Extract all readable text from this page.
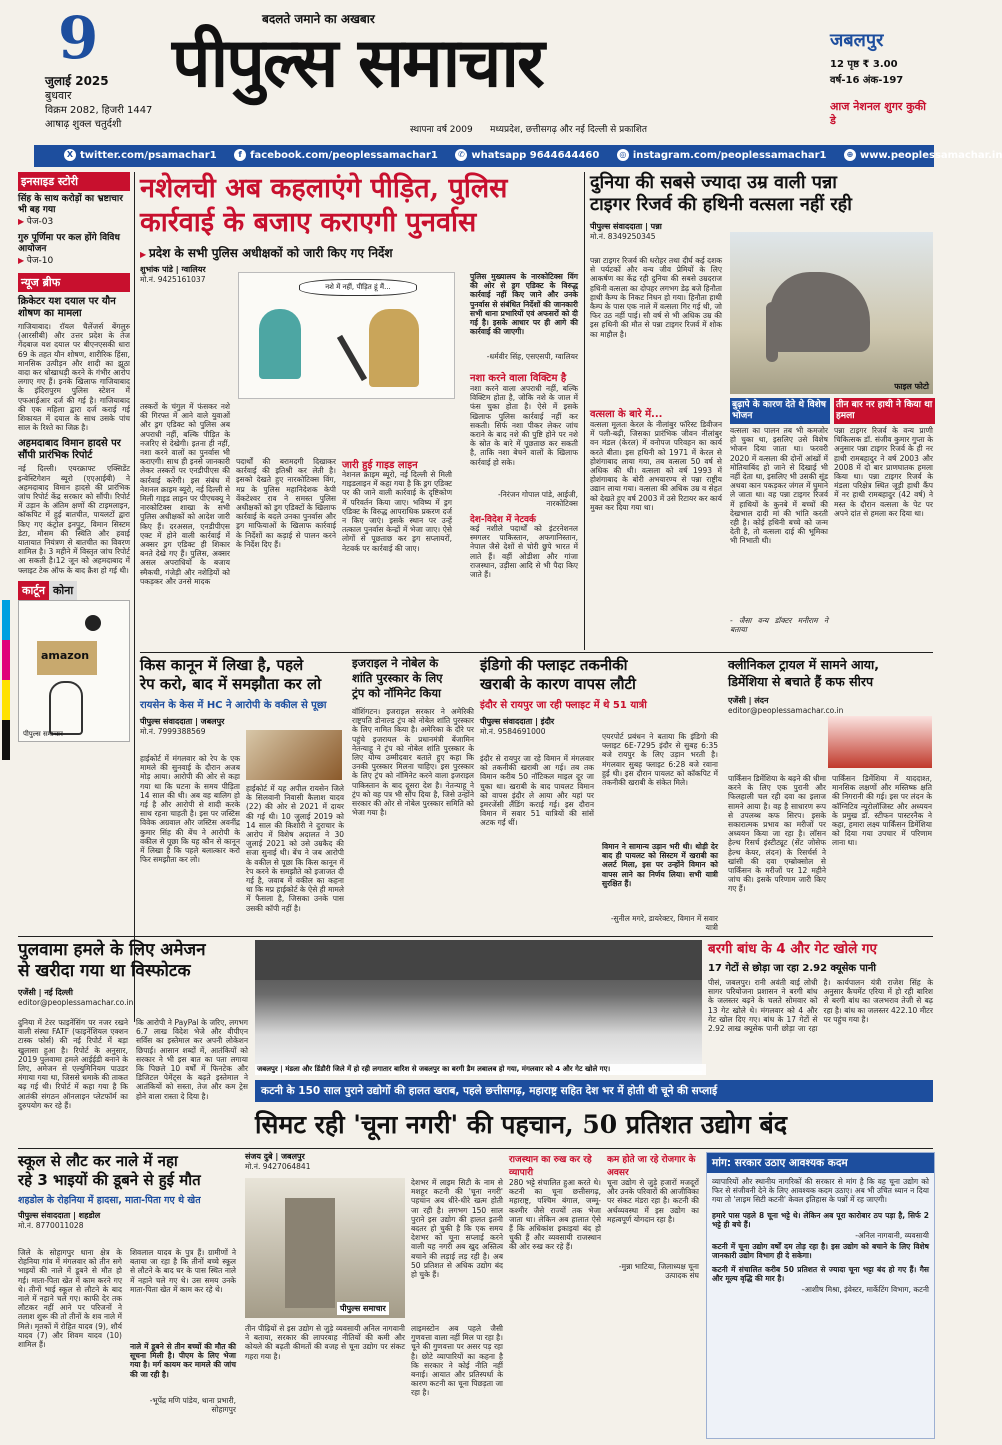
9
जुलाई 2025
बुधवार
विक्रम 2082, हिजरी 1447
आषाढ़ शुक्ल चतुर्दशी
बदलते जमाने का अखबार
पीपुल्स समाचार
स्थापना वर्ष 2009 मध्यप्रदेश, छत्तीसगढ़ और नई दिल्ली से प्रकाशित
जबलपुर
12 पृष्ठ ₹ 3.00
वर्ष-16 अंक-197
आज नेशनल शुगर कुकी डे
X twitter.com/psamachar1	f facebook.com/peoplessamachar1	✆ whatsapp 9644644460 ◎ instagram.com/peoplessamachar1	⊕ www.peoplessamachar.in
इनसाइड स्टोरी
सिंह के साथ करोड़ों का भ्रष्टाचार भी बह गया
▶ पेज-03
गुरु पूर्णिमा पर कल होंगे विविध आयोजन
▶ पेज-10
न्यूज ब्रीफ
क्रिकेटर यश दयाल पर यौन शोषण का मामला
गाजियाबाद। रॉयल चैलेंजर्स बेंगलुरु (आरसीबी) और उत्तर प्रदेश के तेज गेंदबाज यश दयाल पर बीएनएसकी धारा 69 के तहत यौन शोषण, शारीरिक हिंसा, मानसिक उत्पीड़न और शादी का झूठा वादा कर धोखाधड़ी करने के गंभीर आरोप लगाए गए हैं। इनके खिलाफ गाजियाबाद के इंदिरापुरम पुलिस स्टेशन में एफआईआर दर्ज की गई है। गाजियाबाद की एक महिला द्वारा दर्ज कराई गई शिकायत में दयाल के साथ उसके पांच साल के रिश्ते का जिक्र है।
अहमदाबाद विमान हादसे पर सौंपी प्रारंभिक रिपोर्ट
नई दिल्ली। एयरक्राफ्ट एक्सिडेंट इन्वेस्टिगेशन ब्यूरो (एएआईबी) ने अहमदाबाद विमान हादसे की प्रारंभिक जांच रिपोर्ट केंद्र सरकार को सौंपी। रिपोर्ट में उड़ान के अंतिम क्षणों की टाइमलाइन, कॉकपिट में हुई बातचीत, पायलटों द्वारा किए गए कंट्रोल इनपुट, विमान सिस्टम डेटा, मौसम की स्थिति और हवाई यातायात नियंत्रण से बातचीत का विवरण शामिल है। 3 महीने में विस्तृत जांच रिपोर्ट आ सकती है।12 जून को अहमदाबाद में फ्लाइट टेक ऑफ के बाद क्रैश हो गई थी।
कार्टून कोना
amazon
पीपुल्स समाचार
नशेलची अब कहलाएंगे पीड़ित, पुलिस
कार्रवाई के बजाए कराएगी पुनर्वास
▶ प्रदेश के सभी पुलिस अधीक्षकों को जारी किए गए निर्देश
शुभांक पांडे | ग्वालियर
मो.नं. 9425161037
नशे में नहीं, पीड़ित हूं मैं...
तस्करों के चंगुल में फंसकर नशे की गिरफ्त में आने वाले युवाओं और ड्रग एडिक्ट को पुलिस अब अपराधी नहीं, बल्कि पीड़ित के नजरिए से देखेगी। इतना ही नहीं, नशा करने वालों का पुनर्वास भी कराएगी। साथ ही इनसे जानकारी लेकर तस्करों पर एनडीपीएस की कार्रवाई करेगी। इस संबंध में नेशनल क्राइम ब्यूरो, नई दिल्ली से मिली गाइड लाइन पर पीएचक्यू ने नारकोटिक्स शाखा के सभी पुलिस अधीक्षकों को आदेश जारी किए हैं। दरअसल, एनडीपीएस एक्ट में होने वाली कार्रवाई में अक्सर ड्रग एडिक्ट ही शिकार बनते देखे गए हैं। पुलिस, अक्सर असल अपराधियों के बजाय स्मैकची, गंजेड़ी और नशेड़ियों को पकड़कर और उनसे मादक
पदार्थों की बरामदगी दिखाकर कार्रवाई की इतिश्री कर लेती है। इसको देखते हुए नारकोटिक्स विंग, मप्र के पुलिस महानिदेशक केपी वेंकटेश्वर राव ने समस्त पुलिस अधीक्षकों को ड्रग एडिक्टों के खिलाफ कार्रवाई के बदले उनका पुनर्वास और ड्रग माफियाओं के खिलाफ कार्रवाई के निर्देशों का कड़ाई से पालन करने के निर्देश दिए हैं।
जारी हुई गाइड लाइन
नेशनल क्राइम ब्यूरो, नई दिल्ली से मिली गाइडलाइन में कहा गया है कि ड्रग एडिक्ट पर की जाने वाली कार्रवाई के दृष्टिकोण में परिवर्तन किया जाए। भविष्य में ड्रग एडिक्ट के विरुद्ध आपराधिक प्रकरण दर्ज न किए जाएं। इसके स्थान पर उन्हें तत्काल पुनर्वास केन्द्रों में भेजा जाए। ऐसे लोगों से पूछताछ कर ड्रग सप्लायरों, नेटवर्क पर कार्रवाई की जाए।
पुलिस मुख्यालय के नारकोटिक्स विंग की ओर से ड्रग एडिक्ट के विरुद्ध कार्रवाई नहीं किए जाने और उनके पुनर्वास से संबंधित निर्देशों की जानकारी सभी थाना प्रभारियों एवं अफसरों को दी गई है। इसके आधार पर ही आगे की कार्रवाई की जाएगी।
-धर्मवीर सिंह, एसएसपी, ग्वालियर
नशा करने वाला विक्टिम है
नशा करने वाला अपराधी नहीं, बल्कि विक्टिम होता है, जोकि नशे के जाल में फंस चुका होता है। ऐसे में इसके खिलाफ पुलिस कार्रवाई नहीं कर सकती। सिर्फ नशा पीकर लेकर जांच कराने के बाद नशे की पुष्टि होने पर नशे के स्रोत के बारे में पूछताछ कर सकती है, ताकि नशा बेचने वालों के खिलाफ कार्रवाई हो सके।
-निरंजन गोपाल पांडे, आईजी, नारकोटिक्स
देश-विदेश में नेटवर्क
कई नशीले पदार्थों को इंटरनेशनल स्मगलर पाकिस्तान, अफगानिस्तान, नेपाल जैसे देशों से चोरी छुपे भारत में लाते हैं। वहीं ओडीशा और गांजा राजस्थान, उड़ीसा आदि से भी पैदा किए जाते हैं।
दुनिया की सबसे ज्यादा उम्र वाली पन्ना
टाइगर रिजर्व की हथिनी वत्सला नहीं रही
पीपुल्स संवाददाता | पन्ना
मो.नं. 8349250345
पन्ना टाइगर रिजर्व की धरोहर तथा दीर्घ कई दशक से पर्यटकों और वन्य जीव प्रेमियों के लिए आकर्षण का केंद्र रही दुनिया की सबसे उम्रदराज हथिनी वत्सला का दोपहर लगभग डेढ़ बजे हिनौता हाथी कैम्प के निकट निधन हो गया। हिनौता हाथी कैम्प के पास एक नाले में वत्सला गिर गई थी, जो फिर उठ नहीं पाई। सौ वर्ष से भी अधिक उम्र की इस हथिनी की मौत से पन्ना टाइगर रिजर्व में शोक का माहौल है।
वत्सला के बारे में...
वत्सला मूलतः केरल के नीलांबुर फॉरेस्ट डिवीजन में पली-बढ़ी, जिसका प्रारंभिक जीवन नीलांबुर वन मंडल (केरल) में वनोपज परिवहन का कार्य करते बीता। इस हथिनी को 1971 में केरल से होशंगाबाद लाया गया, तब वत्सला 50 वर्ष से अधिक की थी। वत्सला को वर्ष 1993 में होशंगाबाद के बोरी अभयारण्य से पन्ना राष्ट्रीय उद्यान लाया गया। वत्सला की अधिक उम्र व सेहत को देखते हुए वर्ष 2003 में उसे रिटायर कर कार्य मुक्त कर दिया गया था।
फाइल फोटो
बुढ़ापे के कारण देते थे विशेष भोजन
वत्सला का पालन तब भी कमजोर हो चुका था, इसलिए उसे विशेष भोजन दिया जाता था। फरवरी 2020 में वत्सला की दोनों आंखों में मोतियाबिंद हो जाने से दिखाई भी नहीं देता था, इसलिए भी उसकी सूंड अथवा कान पकड़कर जंगल में घुमाने ले जाता था। वह पन्ना टाइगर रिजर्व में हाथियों के कुनबे में बच्चों की देखभाल दादी मां की भांति करती रही है। कोई हथिनी बच्चे को जन्म देती है, तो वत्सला दाई की भूमिका भी निभाती थी।
- जैसा वन्य डॉक्टर मनीराम ने बताया
तीन बार नर हाथी ने किया था हमला
पन्ना टाइगर रिजर्व के वन्य प्राणी चिकित्सक डॉ. संजीव कुमार गुप्ता के अनुसार पन्ना टाइगर रिजर्व के ही नर हाथी रामबहादुर ने वर्ष 2003 और 2008 में दो बार प्राणघातक हमला किया था। पन्ना टाइगर रिजर्व के मंडला परिक्षेत्र स्थित जूड़ी हाथी कैंप में नर हाथी रामबहादुर (42 वर्ष) ने मस्त के दौरान वत्सला के पेट पर अपने दांत से हमला कर दिया था।
किस कानून में लिखा है, पहले
रेप करो, बाद में समझौता कर लो
रायसेन के केस में HC ने आरोपी के वकील से पूछा
पीपुल्स संवाददाता | जबलपुर
मो.नं. 7999388569
हाईकोर्ट में मंगलवार को रेप के एक मामले की सुनवाई के दौरान अजब मोड़ आया। आरोपी की ओर से कहा गया था कि घटना के समय पीड़िता 14 साल की थी। अब वह बालिग हो गई है और आरोपी से शादी करके साथ रहना चाहती है। इस पर जस्टिस विवेक अग्रवाल और जस्टिस अवनींद्र कुमार सिंह की बेंच ने आरोपी के वकील से पूछा कि यह कौन से कानून में लिखा है कि पहले बलात्कार करो फिर समझौता कर लो।
हाईकोर्ट में यह अपील रायसेन जिले के सिलवानी निवासी कैलाश यादव (22) की ओर से 2021 में दायर की गई थी। 10 जुलाई 2019 को 14 साल की किशोरी ने दुराचार के आरोप में विशेष अदालत ने 30 जुलाई 2021 को उसे उम्रकैद की सजा सुनाई थी। बेंच ने जब आरोपी के वकील से पूछा कि किस कानून में रेप करने के समझौते को इजाजत दी गई है, जवाब में वकील का कहना था कि मप्र हाईकोर्ट के ऐसे ही मामले में फैसला है, जिसका उनके पास उसकी कॉपी नहीं है।
इजराइल ने नोबेल के
शांति पुरस्कार के लिए
ट्रंप को नॉमिनेट किया
वॉशिंगटन। इजराइल सरकार ने अमेरिकी राष्ट्रपति डोनाल्ड ट्रंप को नोबेल शांति पुरस्कार के लिए नामित किया है। अमेरिका के दौरे पर पहुंचे इजरायल के प्रधानमंत्री बेंजामिन नेतन्याहू ने ट्रंप को नोबेल शांति पुरस्कार के लिए योग्य उम्मीदवार बताते हुए कहा कि उनकी पुरस्कार मिलना चाहिए। इस पुरस्कार के लिए ट्रंप को नॉमिनेट करने वाला इजराइल पाकिस्तान के बाद दूसरा देश है। नेतन्याहू ने ट्रंप को वह पत्र भी सौंप दिया है, जिसे उन्होंने सरकार की ओर से नोबेल पुरस्कार समिति को भेजा गया है।
इंडिगो की फ्लाइट तकनीकी
खराबी के कारण वापस लौटी
इंदौर से रायपुर जा रही फ्लाइट में थे 51 यात्री
पीपुल्स संवाददाता | इंदौर
मो.नं. 9584691000
इंदौर से रायपुर जा रहे विमान में मंगलवार को तकनीकी खराबी आ गई। तब तक विमान करीब 50 नॉटिकल माइल दूर जा चुका था। खराबी के बाद पायलट विमान को वापस इंदौर ले आया और यहां पर इमरजेंसी लैंडिंग कराई गई। इस दौरान विमान में सवार 51 यात्रियों की सांसें अटक गईं थीं।
एयरपोर्ट प्रबंधन ने बताया कि इंडिगो की फ्लाइट 6E-7295 इंदौर से सुबह 6:35 बजे रायपुर के लिए उड़ान भरती है। मंगलवार सुबह फ्लाइट 6:28 बजे रवाना हुई थी। इस दौरान पायलट को कॉकपिट में तकनीकी खराबी के संकेत मिले।
विमान ने सामान्य उड़ान भरी थी। थोड़ी देर बाद ही पायलट को सिस्टम में खराबी का अलर्ट मिला, इस पर उन्होंने विमान को वापस लाने का निर्णय लिया। सभी यात्री सुरक्षित हैं।
-सुनील मगरे, डायरेक्टर, विमान में सवार यात्री
क्लीनिकल ट्रायल में सामने आया,
डिमेंशिया से बचाते हैं कफ सीरप
एजेंसी | लंदन
editor@peoplessamachar.co.in
पार्किंसन डिमेंशिया के बढ़ने की धीमा करने के लिए एक पुरानी और फिलहाली चल रही दवा का इलाज सामने आया है। वह है साधारण रूप से उपलब्ध कफ सिरप। इसके सकारात्मक प्रभाव का मरीजों पर अध्ययन किया जा रहा है। लॉसन हेल्थ रिसर्च इंस्टीट्यूट (सेंट जोसेफ हेल्थ केयर, लंदन) के रिसर्चर्स ने खांसी की दवा एम्ब्रोक्सोल से पार्किंसन के मरीजों पर 12 महीने जांच की। इसके परिणाम जारी किए गए हैं।
पार्किंसन डिमेंशिया में याददाश्त, मानसिक लक्षणों और मस्तिष्क क्षति की निगरानी की गई। इस पर लंदन के कॉग्निटिव न्यूरोलॉजिस्ट और अध्ययन के प्रमुख डॉ. स्टीफन पास्टरनैक ने कहा, हमारा लक्ष्य पार्किंसन डिमेंशिया को दिया गया उपचार में परिणाम लाना था।
पुलवामा हमले के लिए अमेजन
से खरीदा गया था विस्फोटक
एजेंसी | नई दिल्ली
editor@peoplessamachar.co.in
दुनिया में टेरर फाइनेंसिंग पर नजर रखने वाली संस्था FATF (फाइनेंशियल एक्शन टास्क फोर्स) की नई रिपोर्ट में बड़ा खुलासा हुआ है। रिपोर्ट के अनुसार, 2019 पुलवामा हमले आईईडी बनाने के लिए, अमेजन से एल्युमिनियम पाउडर मंगाया गया था, जिससे धमाके की ताकत बढ़ गई थी। रिपोर्ट में कहा गया है कि आतंकी संगठन ऑनलाइन प्लेटफॉर्म का दुरुपयोग कर रहे हैं।
कि आरोपी ने PayPal के जरिए, लगभग 6.7 लाख विदेश भेजे और वीपीएन सर्विस का इस्तेमाल कर अपनी लोकेशन छिपाई। आसान शब्दों में, आतंकियों को सरकार ने भी इस बात का पता लगाया कि पिछले 10 वर्षों में फिनटेक और डिजिटल पेमेंट्स के बढ़ते इस्तेमाल ने आतंकियों को सस्ता, तेज और कम ट्रेस होने वाला रास्ता दे दिया है।
जबलपुर | मंडला और डिंडौरी जिले में हो रही लगातार बारिश से जबलपुर का बरगी डैम लबालब हो गया, मंगलवार को 4 और गेट खोले गए।
बरगी बांध के 4 और गेट खोले गए
17 गेटों से छोड़ा जा रहा 2.92 क्यूसेक पानी
पीसं, जबलपुर। रानी अवंती बाई लोधी सागर परियोजना प्रशासन ने बरगी बांध के जलस्तर बढ़ने के चलते सोमवार को 13 गेट खोले थे। मंगलवार को 4 और गेट खोल दिए गए। बांध के 17 गेटों से 2.92 लाख क्यूसेक पानी छोड़ा जा रहा है। कार्यपालन यंत्री राजेश सिंह के अनुसार कैचमेंट एरिया में हो रही बारिश से बरगी बांध का जलभराव तेजी से बढ़ रहा है। बांध का जलस्तर 422.10 मीटर पर पहुंच गया है।
कटनी के 150 साल पुराने उद्योगों की हालत खराब, पहले छत्तीसगढ़, महाराष्ट्र सहित देश भर में होती थी चूने की सप्लाई
सिमट रही 'चूना नगरी' की पहचान, 50 प्रतिशत उद्योग बंद
स्कूल से लौट कर नाले में नहा
रहे 3 भाइयों की डूबने से हुई मौत
शहडोल के रोहनिया में हादसा, माता-पिता गए थे खेत
पीपुल्स संवाददाता | शहडोल
मो.नं. 8770011028
जिले के सोहागपुर थाना क्षेत्र के रोहनिया गांव में मंगलवार को तीन सगे भाइयों की नाले में डूबने से मौत हो गई। माता-पिता खेत में काम करने गए थे। तीनों भाई स्कूल से लौटने के बाद नाले में नहाने चले गए। काफी देर तक लौटकर नहीं आने पर परिजनों ने तलाश शुरू की तो तीनों के शव नाले में मिले। मृतकों में रोहित यादव (9), शौर्य यादव (7) और शिवम यादव (10) शामिल हैं।
शिवलाल यादव के पुत्र हैं। ग्रामीणों ने बताया जा रहा है कि तीनों बच्चे स्कूल से लौटने के बाद घर के पास स्थित नाले में नहाने चले गए थे। उस समय उनके माता-पिता खेत में काम कर रहे थे।
नाले में डूबने से तीन बच्चों की मौत की सूचना मिली है। पीएम के लिए भेजा गया है। मर्ग कायम कर मामले की जांच की जा रही है।
-भूपेंद्र मणि पांडेय, थाना प्रभारी, सोहागपुर
संजय दुबे | जबलपुर
मो.नं. 9427064841
पीपुल्स समाचार
देशभर में लाइम सिटी के नाम से मशहूर कटनी की 'चूना नगरी' पहचान अब धीरे-धीरे खत्म होती जा रही है। लगभग 150 साल पुराने इस उद्योग की हालत इतनी बदतर हो चुकी है कि एक समय देशभर को चूना सप्लाई करने वाली यह नगरी अब खुद अस्तित्व बचाने की लड़ाई लड़ रही है। अब 50 प्रतिशत से अधिक उद्योग बंद हो चुके हैं।
तीन पीढ़ियों से इस उद्योग से जुड़े व्यवसायी अनिल नागवानी ने बताया, सरकार की लापरवाह नीतियों की कमी और कोयले की बढ़ती कीमतों की वजह से चूना उद्योग पर संकट गहरा गया है।
लाइमस्टोन अब पहले जैसी गुणवत्ता वाला नहीं मिल पा रहा है। चूने की गुणवत्ता पर असर पड़ रहा है। छोटे व्यापारियों का कहना है कि सरकार ने कोई नीति नहीं बनाई। आयात और प्रतिस्पर्धा के कारण कटनी का चूना पिछड़ता जा रहा है।
राजस्थान का रुख कर रहे व्यापारी
280 भट्टे संचालित हुआ करते थे। कटनी का चूना छत्तीसगढ़, महाराष्ट्र, पश्चिम बंगाल, जम्मू-कश्मीर जैसे राज्यों तक भेजा जाता था। लेकिन अब हालात ऐसे हैं कि अधिकांश इकाइयां बंद हो चुकी हैं और व्यवसायी राजस्थान की ओर रुख कर रहे हैं।
कम होते जा रहे रोजगार के अवसर
चूना उद्योग से जुड़े हजारों मजदूरों और उनके परिवारों की आजीविका पर संकट मंडरा रहा है। कटनी की अर्थव्यवस्था में इस उद्योग का महत्वपूर्ण योगदान रहा है।
-मुन्ना भाटिया, जिलाध्यक्ष चूना उत्पादक संघ
मांग: सरकार उठाए आवश्यक कदम
व्यापारियों और स्थानीय नागरिकों की सरकार से मांग है कि वह चूना उद्योग को फिर से संजीवनी देने के लिए आवश्यक कदम उठाए। अब भी उचित ध्यान न दिया गया तो 'लाइम सिटी कटनी' केवल इतिहास के पन्नों में रह जाएगी।
हमारे पास पहले 8 चूना भट्टे थे। लेकिन अब पूरा कारोबार ठप पड़ा है, सिर्फ 2 भट्टे ही बचे हैं।
-अनिल नागवानी, व्यवसायी
कटनी में चूना उद्योग वर्षों दम तोड़ रहा है। इस उद्योग को बचाने के लिए विशेष जानकारी उद्योग विभाग ही दे सकेगा।
कटनी में संचालित करीब 50 प्रतिशत से ज्यादा चूना भट्टा बंद हो गए हैं। गैस और मूल्य वृद्धि की मार है।
-आशीष मिश्रा, इंवेस्टर, मार्केटिंग विभाग, कटनी
